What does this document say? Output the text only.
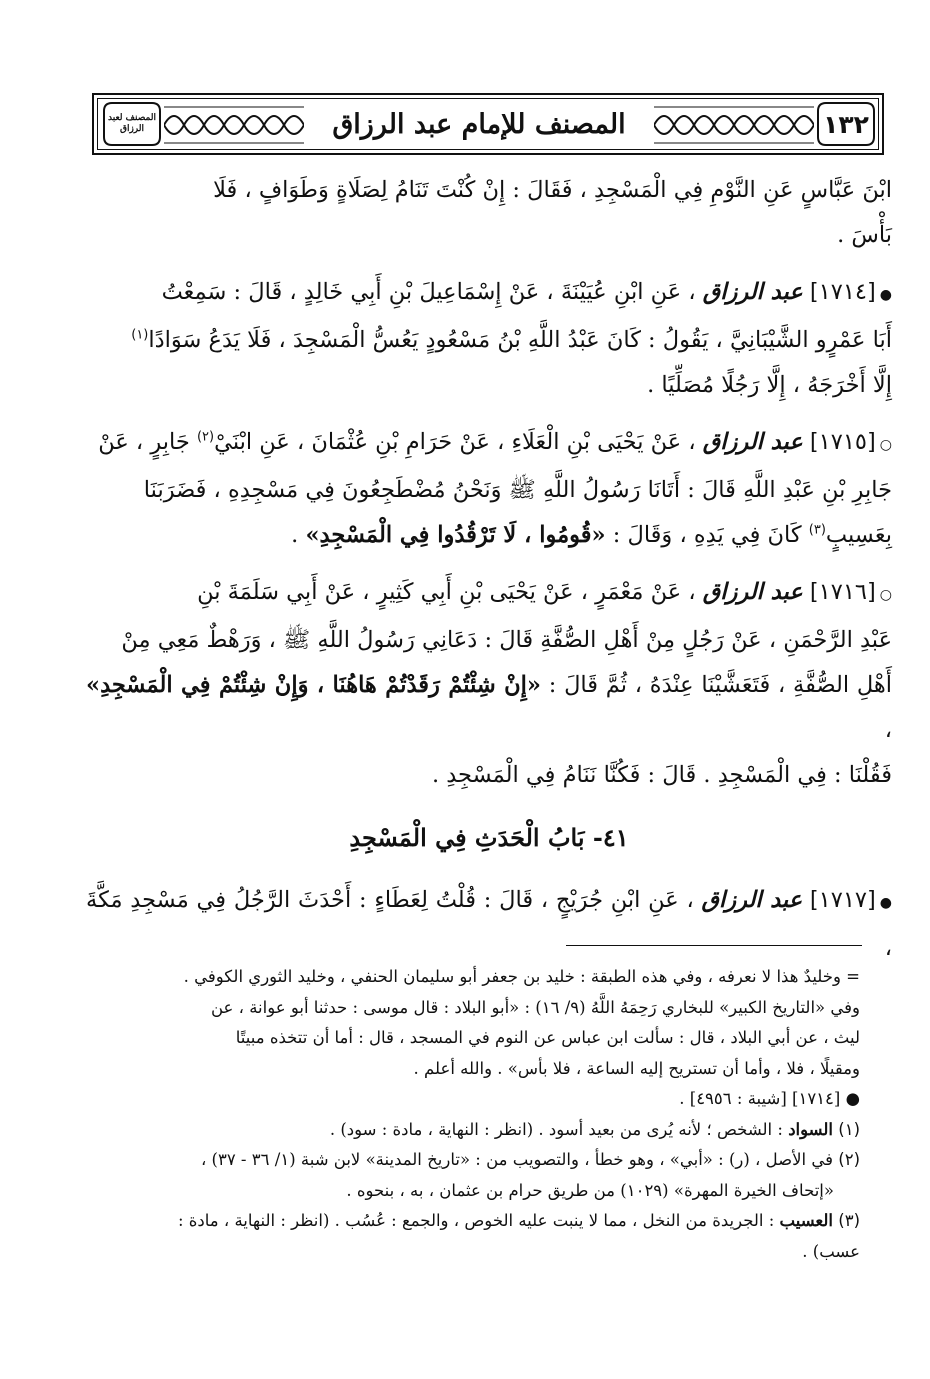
المصنف لعبد الرزاق	المصنف للإمام عبد الرزاق	١٣٢

ابْنَ عَبَّاسٍ عَنِ النَّوْمِ فِي الْمَسْجِدِ ، فَقَالَ : إِنْ كُنْتَ تَنَامُ لِصَلَاةٍ وَطَوَافٍ ، فَلَا

بَأْسَ .

●[١٧١٤] عبد الرزاق ، عَنِ ابْنِ عُيَيْنَةَ ، عَنْ إِسْمَاعِيلَ بْنِ أَبِي خَالِدٍ ، قَالَ : سَمِعْتُ

أَبَا عَمْرٍو الشَّيْبَانِيَّ ، يَقُولُ : كَانَ عَبْدُ اللَّهِ بْنُ مَسْعُودٍ يَعُسُّ الْمَسْجِدَ ، فَلَا يَدَعُ سَوَادًا$^{(١)}$

إِلَّا أَخْرَجَهُ ، إِلَّا رَجُلًا مُصَلِّيًا .

○[١٧١٥] عبد الرزاق ، عَنْ يَحْيَى بْنِ الْعَلَاءِ ، عَنْ حَرَامِ بْنِ عُثْمَانَ ، عَنِ ابْنَيْ$^{(٢)}$ جَابِرٍ ، عَنْ

جَابِرِ بْنِ عَبْدِ اللَّهِ قَالَ : أَتَانَا رَسُولُ اللَّهِ ﷺ وَنَحْنُ مُضْطَجِعُونَ فِي مَسْجِدِهِ ، فَضَرَبَنَا

بِعَسِيبٍ$^{(٣)}$ كَانَ فِي يَدِهِ ، وَقَالَ : «قُومُوا ، لَا تَرْقُدُوا فِي الْمَسْجِدِ» .

○[١٧١٦] عبد الرزاق ، عَنْ مَعْمَرٍ ، عَنْ يَحْيَى بْنِ أَبِي كَثِيرٍ ، عَنْ أَبِي سَلَمَةَ بْنِ

عَبْدِ الرَّحْمَنِ ، عَنْ رَجُلٍ مِنْ أَهْلِ الصُّفَّةِ قَالَ : دَعَانِي رَسُولُ اللَّهِ ﷺ ، وَرَهْطٌ مَعِي مِنْ

أَهْلِ الصُّفَّةِ ، فَتَعَشَّيْنَا عِنْدَهُ ، ثُمَّ قَالَ : «إِنْ شِئْتُمْ رَقَدْتُمْ هَاهُنَا ، وَإِنْ شِئْتُمْ فِي الْمَسْجِدِ» ،

فَقُلْنَا : فِي الْمَسْجِدِ . قَالَ : فَكُنَّا نَنَامُ فِي الْمَسْجِدِ .

٤١- بَابُ الْحَدَثِ فِي الْمَسْجِدِ

●[١٧١٧] عبد الرزاق ، عَنِ ابْنِ جُرَيْجٍ ، قَالَ : قُلْتُ لِعَطَاءٍ : أَحْدَثَ الرَّجُلُ فِي مَسْجِدِ مَكَّةَ ،

= وخليدٌ هذا لا نعرفه ، وفي هذه الطبقة : خليد بن جعفر أبو سليمان الحنفي ، وخليد الثوري الكوفي .

وفي «التاريخ الكبير» للبخاري رَحِمَهُ اللَّهُ (٩/ ١٦) : «أبو البلاد : قال موسى : حدثنا أبو عوانة ، عن

ليث ، عن أبي البلاد ، قال : سألت ابن عباس عن النوم في المسجد ، قال : أما أن تتخذه مبيتًا

ومقيلًا ، فلا ، وأما أن تستريح إليه الساعة ، فلا بأس» . والله أعلم .

● [١٧١٤] [شيبة : ٤٩٥٦] .

(١) السواد : الشخص ؛ لأنه يُرى من بعيد أسود . (انظر : النهاية ، مادة : سود) .

(٢) في الأصل ، (ر) : «أبي» ، وهو خطأ ، والتصويب من : «تاريخ المدينة» لابن شبة (١/ ٣٦ - ٣٧) ،

«إتحاف الخيرة المهرة» (١٠٢٩) من طريق حرام بن عثمان ، به ، بنحوه .

(٣) العسيب : الجريدة من النخل ، مما لا ينبت عليه الخوص ، والجمع : عُسُب . (انظر : النهاية ، مادة :

عسب) .
